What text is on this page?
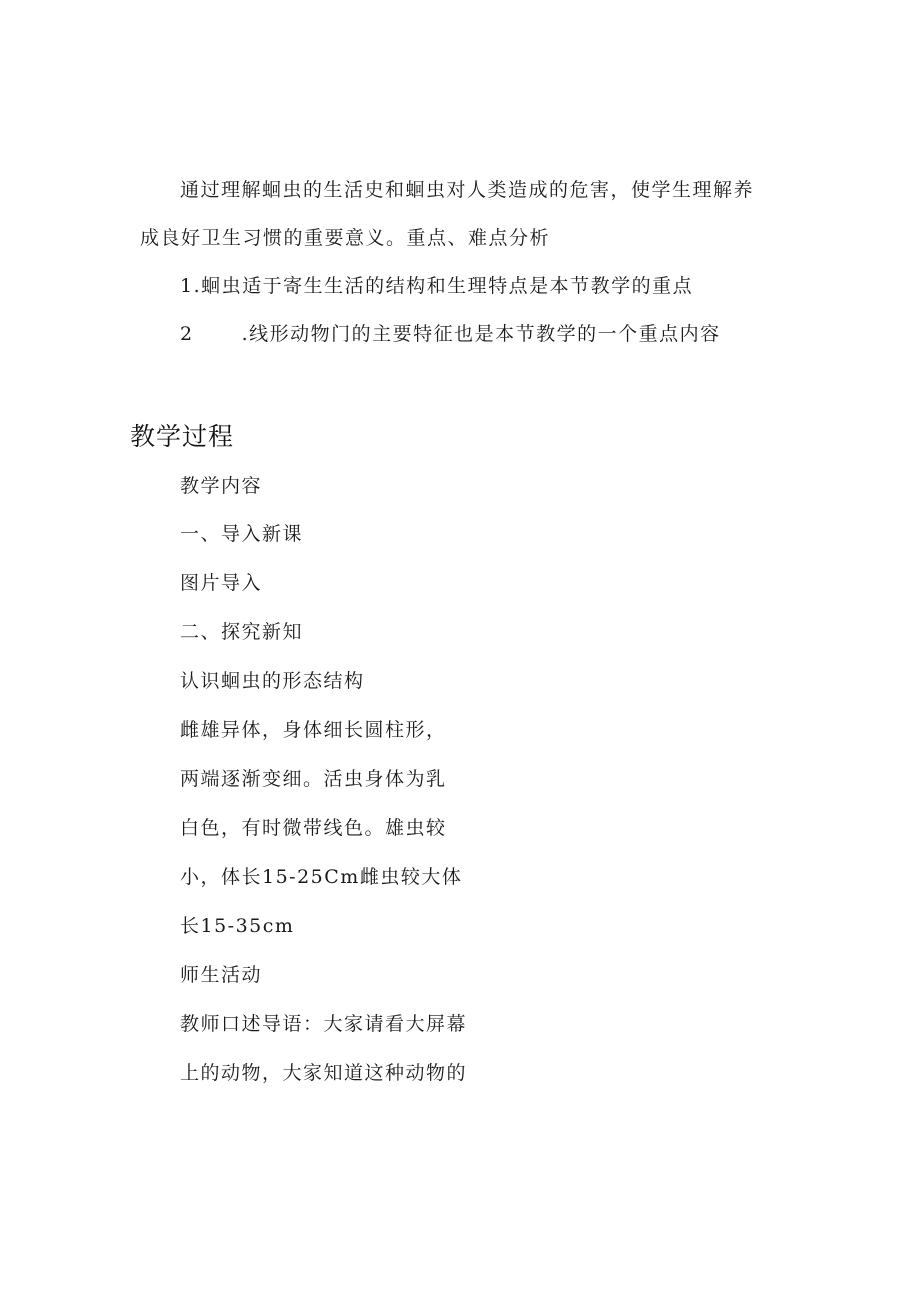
通过理解蛔虫的生活史和蛔虫对人类造成的危害，使学生理解养
成良好卫生习惯的重要意义。重点、难点分析
1.蛔虫适于寄生生活的结构和生理特点是本节教学的重点
2	.线形动物门的主要特征也是本节教学的一个重点内容
教学过程
教学内容
一、导入新课
图片导入
二、探究新知
认识蛔虫的形态结构
雌雄异体，身体细长圆柱形，
两端逐渐变细。活虫身体为乳
白色，有时微带线色。雄虫较
小，体长15-25Cm雌虫较大体
长15-35cm
师生活动
教师口述导语：大家请看大屏幕
上的动物，大家知道这种动物的
